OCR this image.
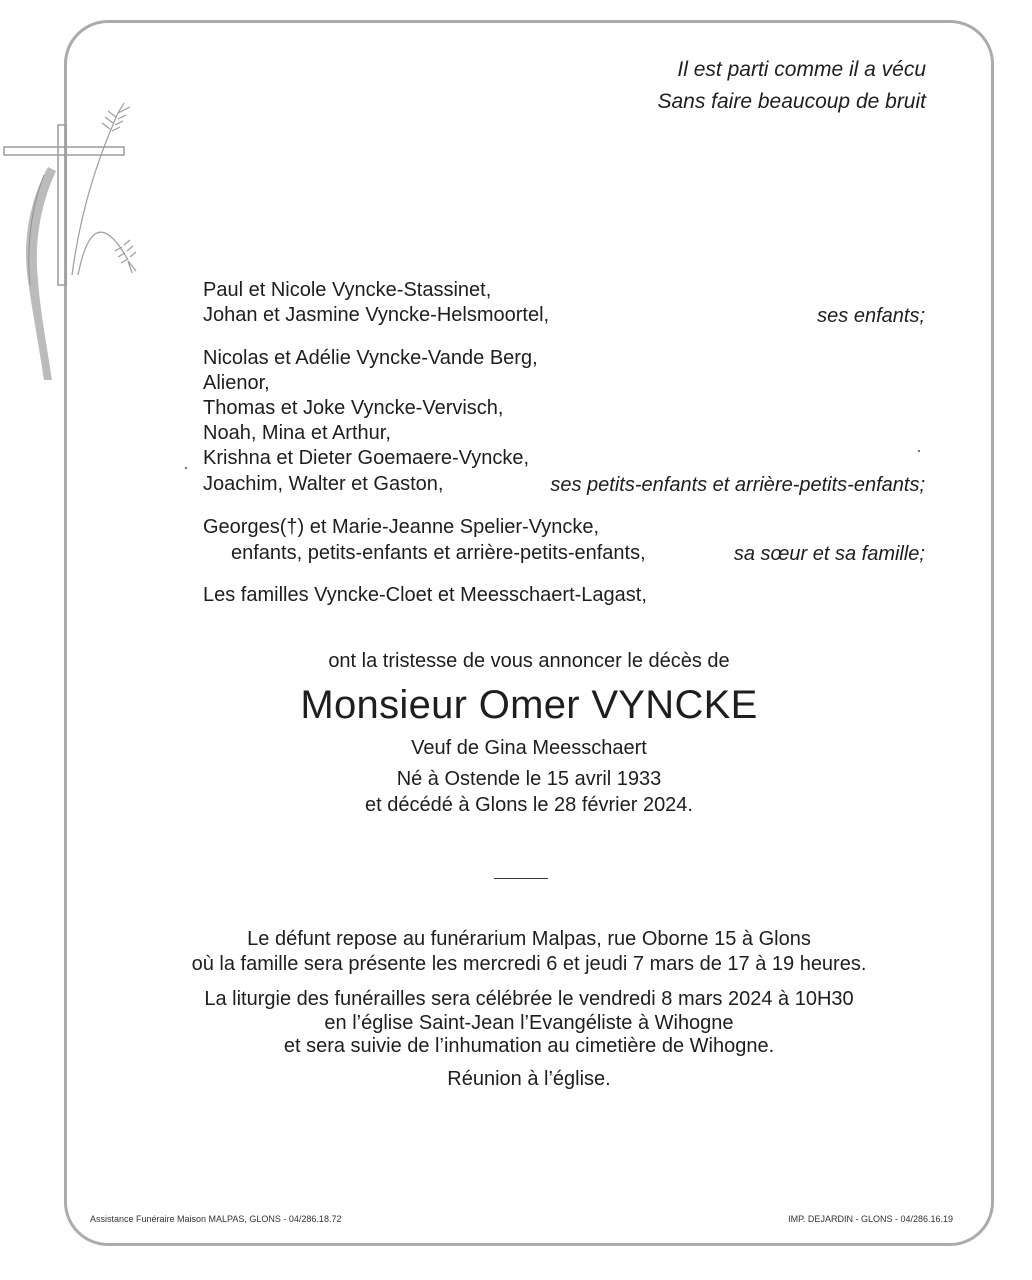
Il est parti comme il a vécu
Sans faire beaucoup de bruit
Paul et Nicole Vyncke-Stassinet,
Johan et Jasmine Vyncke-Helsmoortel,	ses enfants;
Nicolas et Adélie Vyncke-Vande Berg,
Alienor,
Thomas et Joke Vyncke-Vervisch,
Noah, Mina et Arthur,
Krishna et Dieter Goemaere-Vyncke,
Joachim, Walter et Gaston,	ses petits-enfants et arrière-petits-enfants;
Georges(†) et Marie-Jeanne Spelier-Vyncke,
enfants, petits-enfants et arrière-petits-enfants,	sa sœur et sa famille;
Les familles Vyncke-Cloet et Meesschaert-Lagast,
ont la tristesse de vous annoncer le décès de
Monsieur Omer VYNCKE
Veuf de Gina Meesschaert
Né à Ostende le 15 avril 1933
et décédé à Glons le 28 février 2024.
Le défunt repose au funérarium Malpas, rue Oborne 15 à Glons
où la famille sera présente les mercredi 6 et jeudi 7 mars de 17 à 19 heures.
La liturgie des funérailles sera célébrée le vendredi 8 mars 2024 à 10H30
en l’église Saint-Jean l’Evangéliste à Wihogne
et sera suivie de l’inhumation au cimetière de Wihogne.
Réunion à l’église.
Assistance Funéraire Maison MALPAS, GLONS - 04/286.18.72	IMP. DEJARDIN - GLONS - 04/286.16.19
